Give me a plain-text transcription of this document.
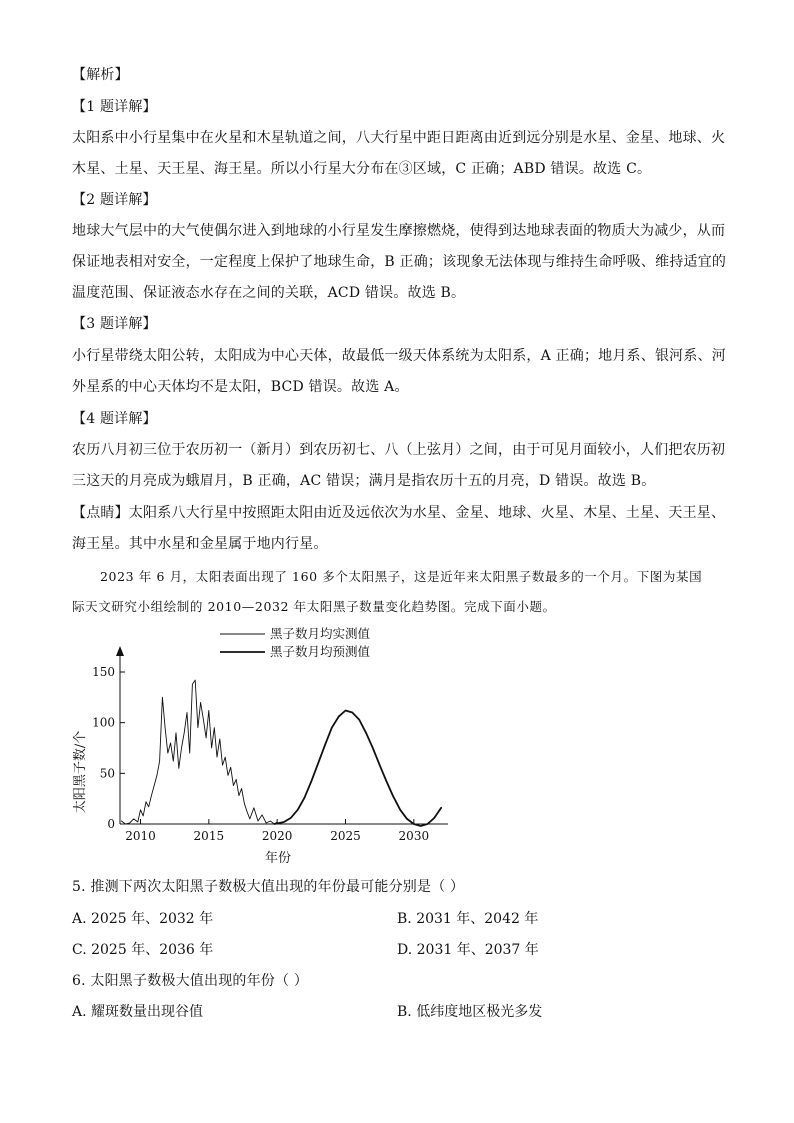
【解析】
【1 题详解】
太阳系中小行星集中在火星和木星轨道之间，八大行星中距日距离由近到远分别是水星、金星、地球、火
木星、土星、天王星、海王星。所以小行星大分布在③区域，C 正确；ABD 错误。故选 C。
【2 题详解】
地球大气层中的大气使偶尔进入到地球的小行星发生摩擦燃烧，使得到达地球表面的物质大为减少，从而
保证地表相对安全，一定程度上保护了地球生命，B 正确；该现象无法体现与维持生命呼吸、维持适宜的
温度范围、保证液态水存在之间的关联，ACD 错误。故选 B。
【3 题详解】
小行星带绕太阳公转，太阳成为中心天体，故最低一级天体系统为太阳系，A 正确；地月系、银河系、河
外星系的中心天体均不是太阳，BCD 错误。故选 A。
【4 题详解】
农历八月初三位于农历初一（新月）到农历初七、八（上弦月）之间，由于可见月面较小，人们把农历初
三这天的月亮成为蛾眉月，B 正确，AC 错误；满月是指农历十五的月亮，D 错误。故选 B。
【点睛】太阳系八大行星中按照距太阳由近及远依次为水星、金星、地球、火星、木星、土星、天王星、
海王星。其中水星和金星属于地内行星。
2023 年 6 月，太阳表面出现了 160 多个太阳黑子，这是近年来太阳黑子数最多的一个月。下图为某国
际天文研究小组绘制的 2010—2032 年太阳黑子数量变化趋势图。完成下面小题。
2010	2015	2020	2025	2030
0
50
100
150
黑子数月均实测值
黑子数月均预测值
太阳黑子数/个
年份
5. 推测下两次太阳黑子数极大值出现的年份最可能分别是（ ）
A. 2025 年、2032 年	B. 2031 年、2042 年
C. 2025 年、2036 年	D. 2031 年、2037 年
6. 太阳黑子数极大值出现的年份（ ）
A. 耀斑数量出现谷值	B. 低纬度地区极光多发
